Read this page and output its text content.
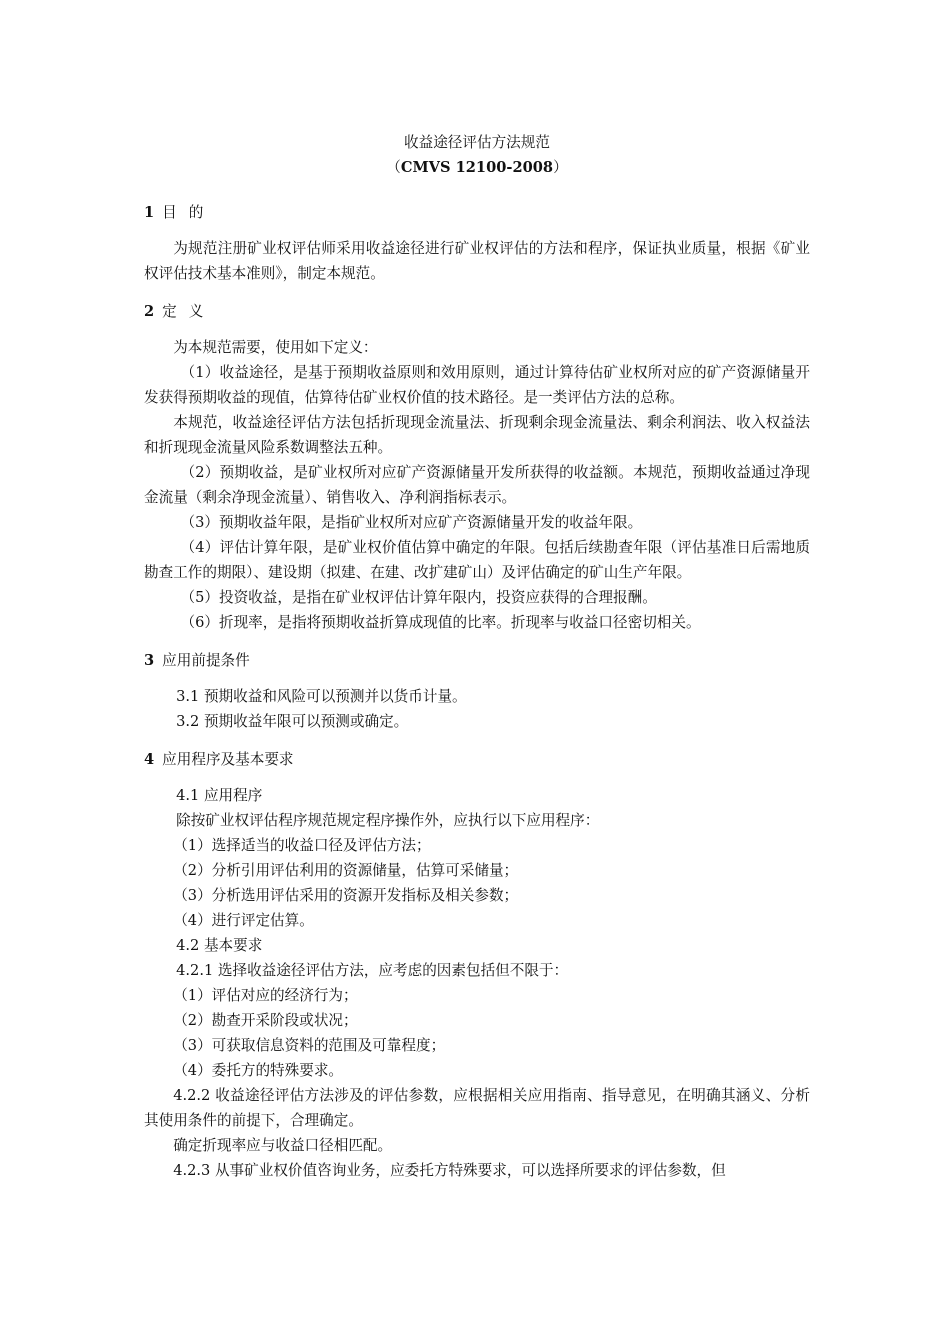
收益途径评估方法规范

（CMVS 12100-2008）

1 目的

为规范注册矿业权评估师采用收益途径进行矿业权评估的方法和程序，保证执业质量，根据《矿业权评估技术基本准则》，制定本规范。

2 定义

为本规范需要，使用如下定义：

（1）收益途径，是基于预期收益原则和效用原则，通过计算待估矿业权所对应的矿产资源储量开发获得预期收益的现值，估算待估矿业权价值的技术路径。是一类评估方法的总称。

本规范，收益途径评估方法包括折现现金流量法、折现剩余现金流量法、剩余利润法、收入权益法和折现现金流量风险系数调整法五种。

（2）预期收益，是矿业权所对应矿产资源储量开发所获得的收益额。本规范，预期收益通过净现金流量（剩余净现金流量）、销售收入、净利润指标表示。

（3）预期收益年限，是指矿业权所对应矿产资源储量开发的收益年限。

（4）评估计算年限，是矿业权价值估算中确定的年限。包括后续勘查年限（评估基准日后需地质勘查工作的期限）、建设期（拟建、在建、改扩建矿山）及评估确定的矿山生产年限。

（5）投资收益，是指在矿业权评估计算年限内，投资应获得的合理报酬。

（6）折现率，是指将预期收益折算成现值的比率。折现率与收益口径密切相关。

3 应用前提条件

3.1 预期收益和风险可以预测并以货币计量。

3.2 预期收益年限可以预测或确定。

4 应用程序及基本要求

4.1 应用程序

除按矿业权评估程序规范规定程序操作外，应执行以下应用程序：

（1）选择适当的收益口径及评估方法；

（2）分析引用评估利用的资源储量，估算可采储量；

（3）分析选用评估采用的资源开发指标及相关参数；

（4）进行评定估算。

4.2 基本要求

4.2.1 选择收益途径评估方法，应考虑的因素包括但不限于：

（1）评估对应的经济行为；

（2）勘查开采阶段或状况；

（3）可获取信息资料的范围及可靠程度；

（4）委托方的特殊要求。

4.2.2 收益途径评估方法涉及的评估参数，应根据相关应用指南、指导意见，在明确其涵义、分析其使用条件的前提下，合理确定。

确定折现率应与收益口径相匹配。

4.2.3 从事矿业权价值咨询业务，应委托方特殊要求，可以选择所要求的评估参数，但
